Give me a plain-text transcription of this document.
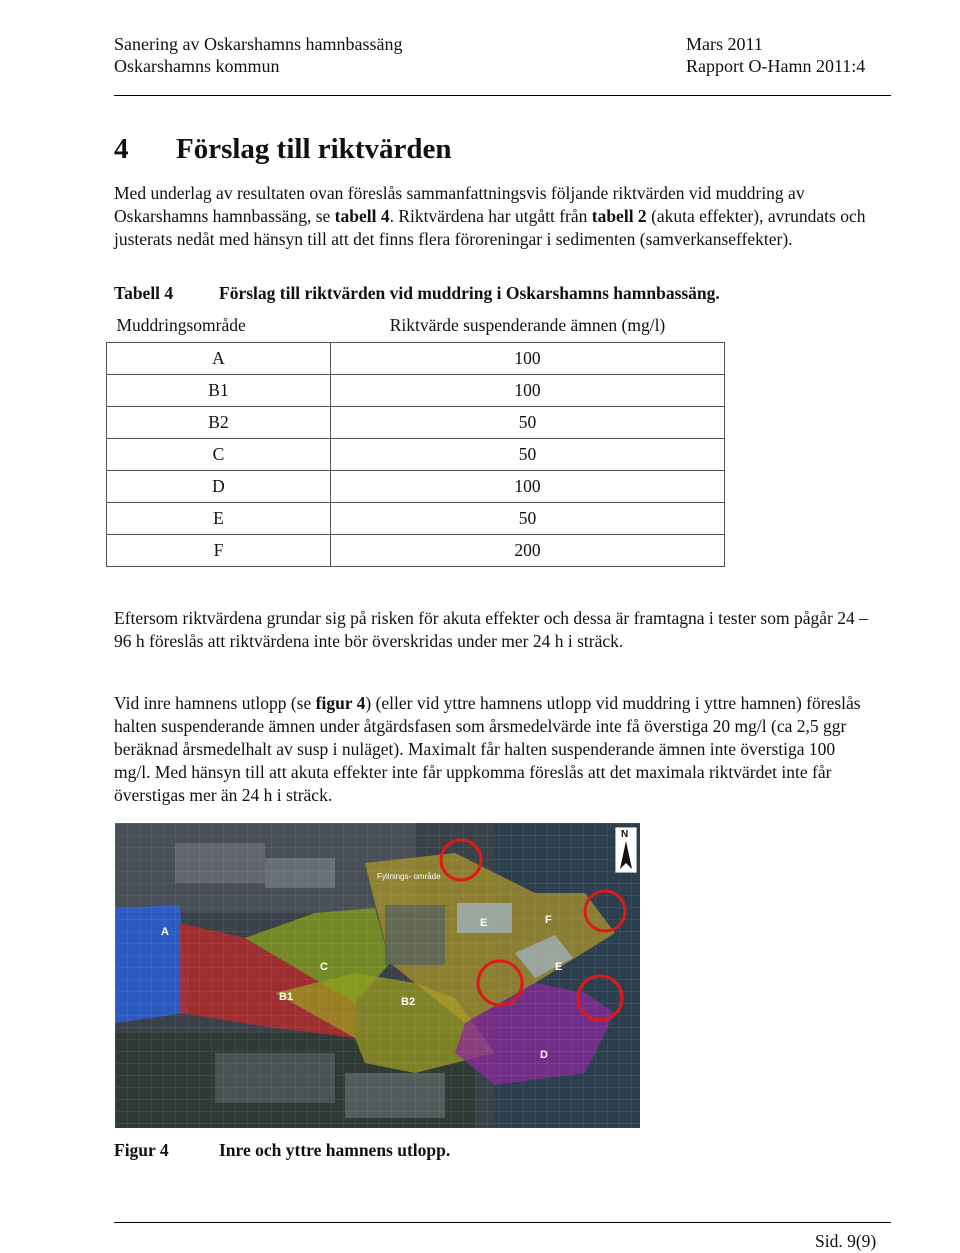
Sanering av Oskarshamns hamnbassäng
Oskarshamns kommun
Mars 2011
Rapport O-Hamn 2011:4
4 Förslag till riktvärden

Med underlag av resultaten ovan föreslås sammanfattningsvis följande riktvärden vid muddring av Oskarshamns hamnbassäng, se tabell 4. Riktvärdena har utgått från tabell 2 (akuta effekter), avrundats och justerats nedåt med hänsyn till att det finns flera föroreningar i sedimenten (samverkanseffekter).

Tabell 4	Förslag till riktvärden vid muddring i Oskarshamns hamnbassäng.
Muddringsområde	Riktvärde suspenderande ämnen (mg/l)
A	100
B1	100
B2	50
C	50
D	100
E	50
F	200

Eftersom riktvärdena grundar sig på risken för akuta effekter och dessa är framtagna i tester som pågår 24 – 96 h föreslås att riktvärdena inte bör överskridas under mer 24 h i sträck.

Vid inre hamnens utlopp (se figur 4) (eller vid yttre hamnens utlopp vid muddring i yttre hamnen) föreslås halten suspenderande ämnen under åtgärdsfasen som årsmedelvärde inte få överstiga 20 mg/l (ca 2,5 ggr beräknad årsmedelhalt av susp i nuläget). Maximalt får halten suspenderande ämnen inte överstiga 100 mg/l. Med hänsyn till att akuta effekter inte får uppkomma föreslås att det maximala riktvärdet inte får överstigas mer än 24 h i sträck.

A
B1	B2
C
D
E
E
F
Fyllnings- område
N
Figur 4	Inre och yttre hamnens utlopp.
Sid. 9(9)
